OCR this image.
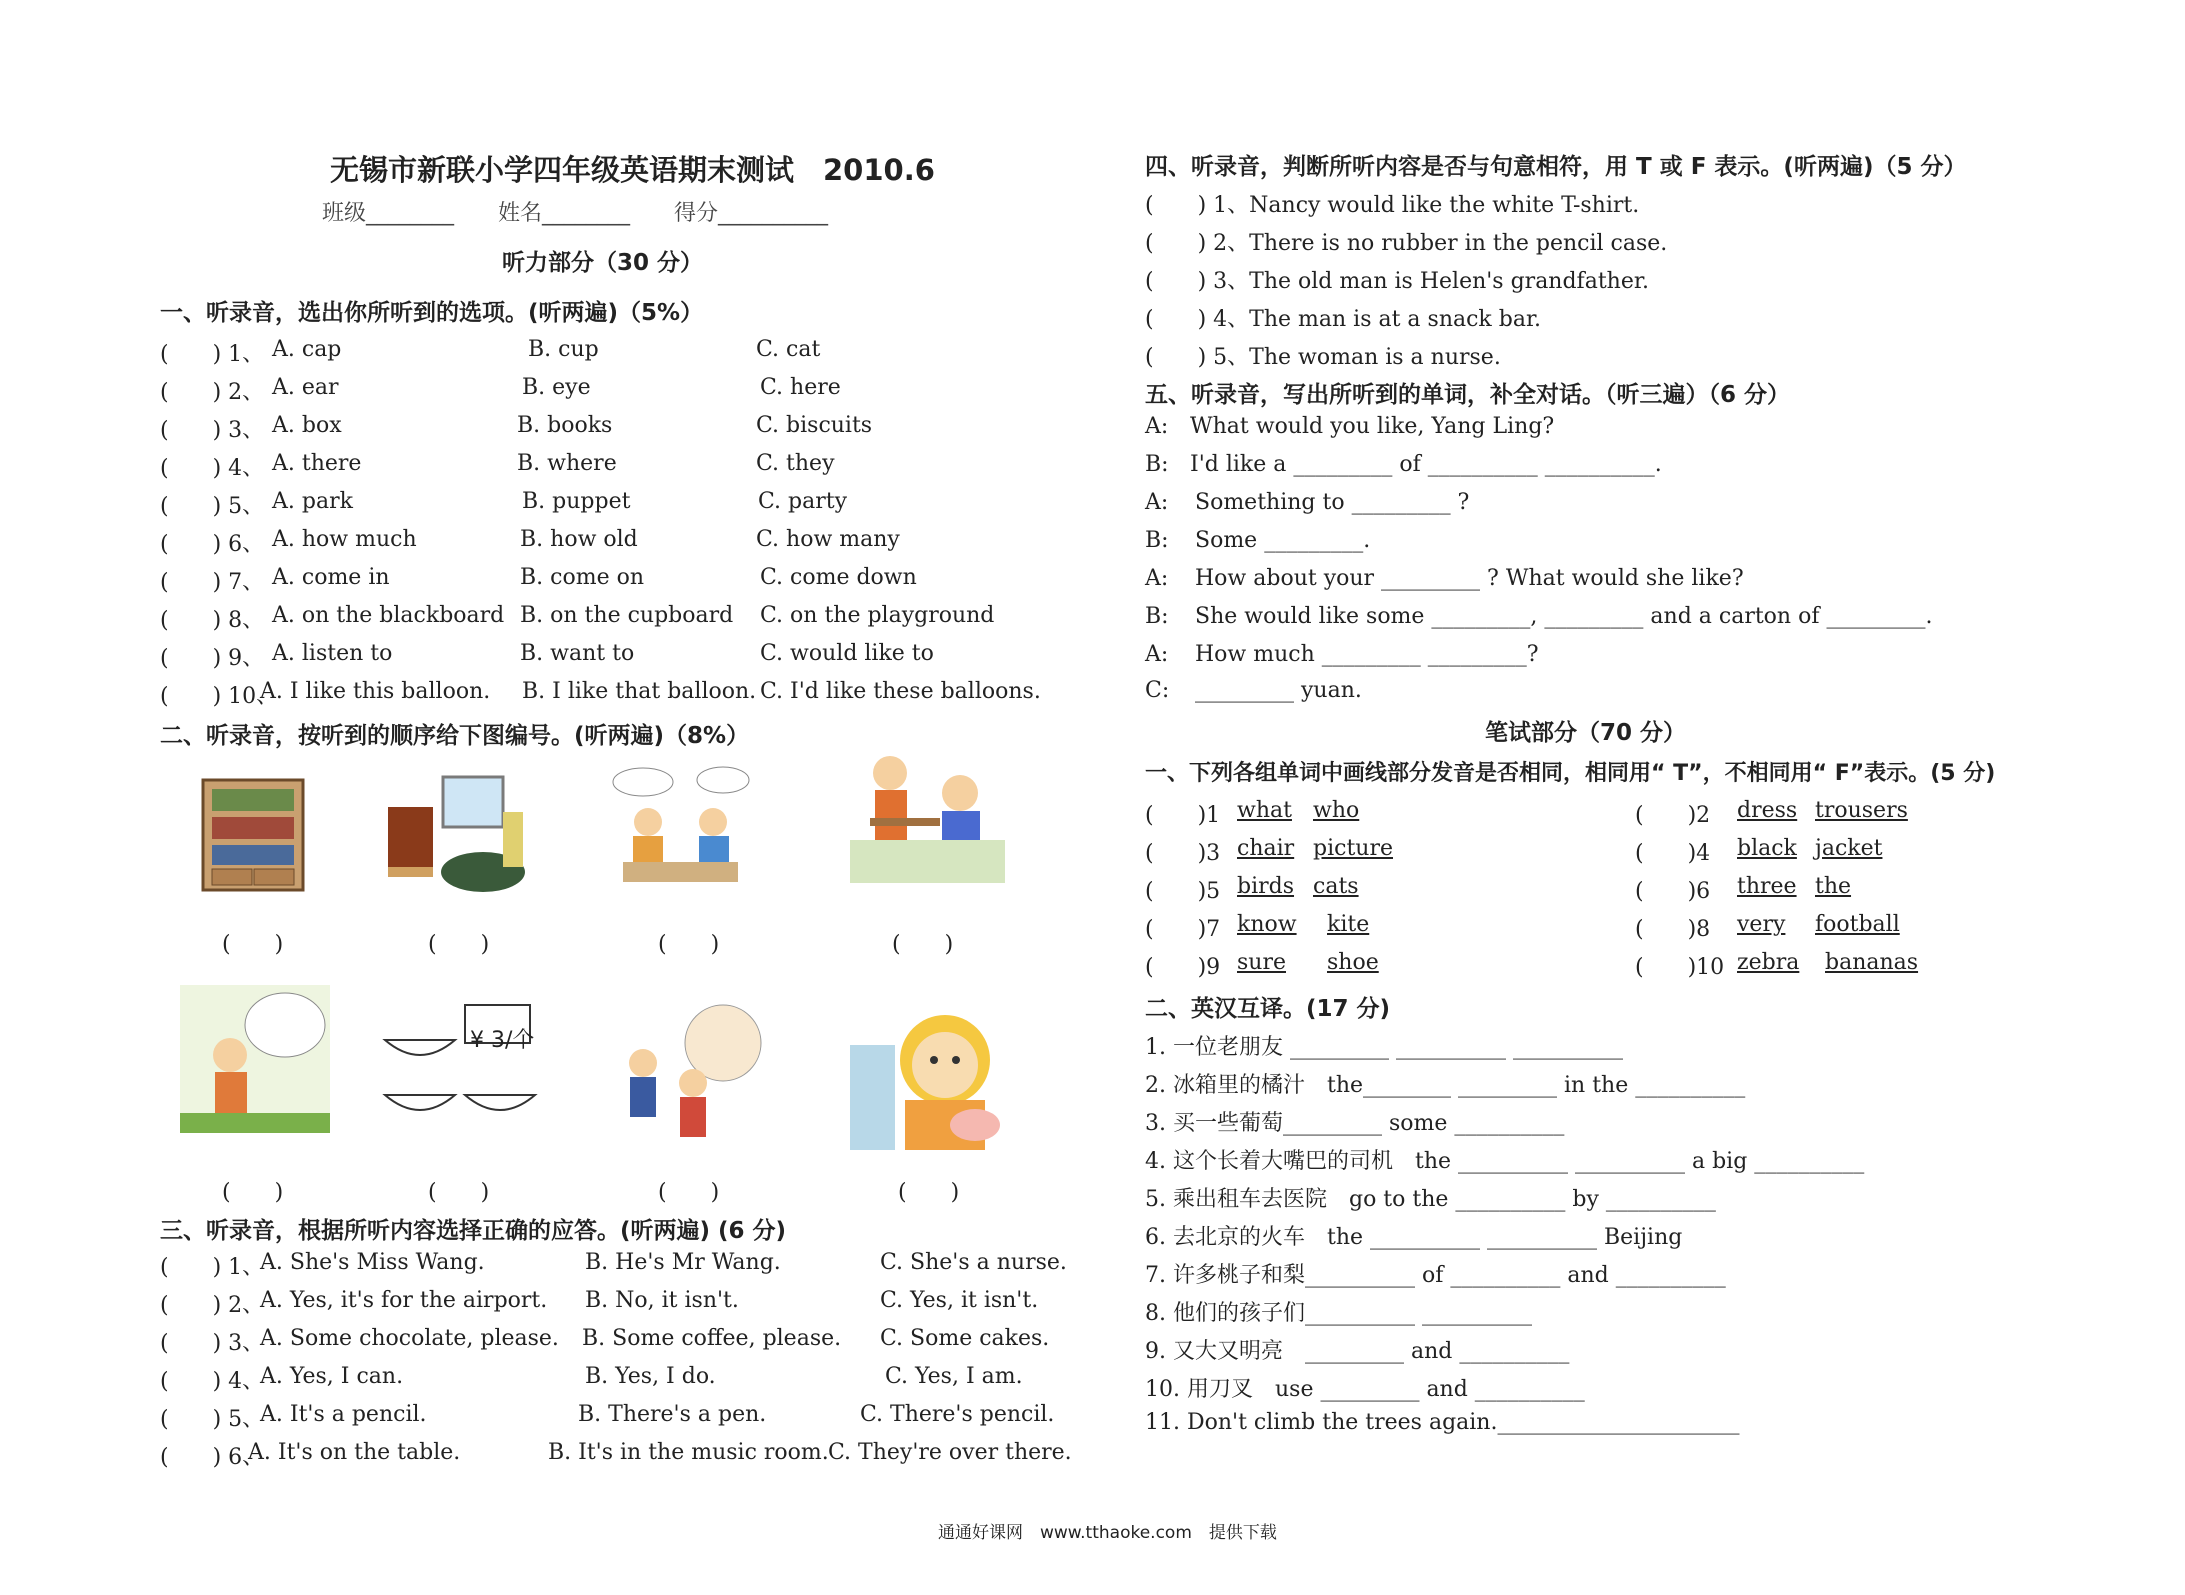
无锡市新联小学四年级英语期末测试　2010.6
班级________　　姓名________　　得分__________
听力部分（30 分）
一、听录音，选出你所听到的选项。(听两遍)（5%）
(　　) 1、 A. cap	B. cup	C. cat
(　　) 2、 A. ear	B. eye	C. here
(　　) 3、 A. box	B. books	C. biscuits
(　　) 4、 A. there	B. where	C. they
(　　) 5、 A. park	B. puppet	C. party
(　　) 6、 A. how much	B. how old	C. how many
(　　) 7、 A. come in	B. come on	C. come down
(　　) 8、 A. on the blackboard B. on the cupboard C. on the playground
(　　) 9、 A. listen to	B. want to	C. would like to
(　　) 10、
A. I like this balloon. B. I like that balloon. C. I'd like these balloons.
二、听录音，按听到的顺序给下图编号。(听两遍)（8%）
(　　)	(　　)	(　　)	(　　)
¥ 3/个
(　　)	(　　)	(　　)	(　　)
三、听录音，根据所听内容选择正确的应答。(听两遍) (6 分)
(　　) 1、
A. She's Miss Wang.	B. He's Mr Wang.	C. She's a nurse.
(　　) 2、
A. Yes, it's for the airport. B. No, it isn't.	C. Yes, it isn't.
(　　) 3、
A. Some chocolate, please. B. Some coffee, please. C. Some cakes.
(　　) 4、
A. Yes, I can.	B. Yes, I do.	C. Yes, I am.
(　　) 5、
A. It's a pencil.	B. There's a pen.	C. There's pencil.
(　　) 6、
A. It's on the table.	B. It's in the music room. C. They're over there.
四、听录音，判断所听内容是否与句意相符，用 T 或 F 表示。(听两遍)（5 分）
(　　) 1、Nancy would like the white T-shirt.
(　　) 2、There is no rubber in the pencil case.
(　　) 3、The old man is Helen's grandfather.
(　　) 4、The man is at a snack bar.
(　　) 5、The woman is a nurse.
五、听录音，写出所听到的单词，补全对话。（听三遍）（6 分）
A: What would you like, Yang Ling?
B: I'd like a _________ of __________ __________.
A: Something to _________ ?
B: Some _________.
A: How about your _________ ? What would she like?
B: She would like some _________, _________ and a carton of _________.
A: How much _________ _________?
C: _________ yuan.
笔试部分（70 分）
一、下列各组单词中画线部分发音是否相同，相同用“ T”，不相同用“ F”表示。(5 分)
(　　)1 what who	(　　)2 dress trousers
(　　)3 chair picture	(　　)4 black jacket
(　　)5 birds cats	(　　)6 three the
(　　)7 know kite	(　　)8 very football
(　　)9 sure shoe	(　　)10 zebra bananas
二、英汉互译。(17 分)
1. 一位老朋友 _________ __________ __________
2. 冰箱里的橘汁　the________ _________ in the __________
3. 买一些葡萄_________ some __________
4. 这个长着大嘴巴的司机　the __________ __________ a big __________
5. 乘出租车去医院　go to the __________ by __________
6. 去北京的火车　the __________ __________ Beijing
7. 许多桃子和梨__________ of __________ and __________
8. 他们的孩子们__________ __________
9. 又大又明亮　_________ and __________
10. 用刀叉　use _________ and __________
11. Don't climb the trees again.______________________
通通好课网　www.tthaoke.com　提供下载
